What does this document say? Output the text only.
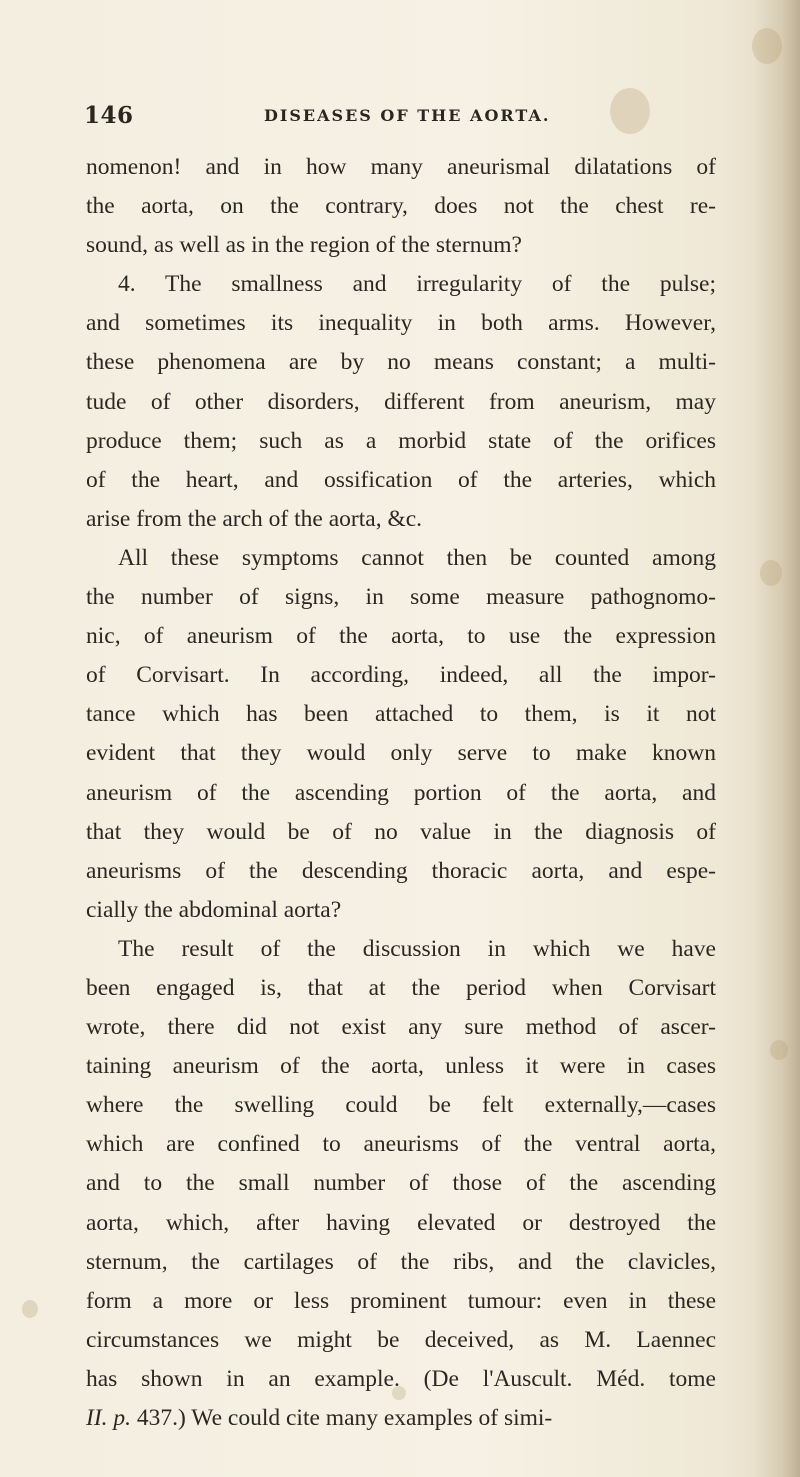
146	DISEASES OF THE AORTA.
nomenon! and in how many aneurismal dilatations of
the aorta, on the contrary, does not the chest re-
sound, as well as in the region of the sternum?
4. The smallness and irregularity of the pulse;
and sometimes its inequality in both arms. However,
these phenomena are by no means constant; a multi-
tude of other disorders, different from aneurism, may
produce them; such as a morbid state of the orifices
of the heart, and ossification of the arteries, which
arise from the arch of the aorta, &c.
All these symptoms cannot then be counted among
the number of signs, in some measure pathognomo-
nic, of aneurism of the aorta, to use the expression
of Corvisart. In according, indeed, all the impor-
tance which has been attached to them, is it not
evident that they would only serve to make known
aneurism of the ascending portion of the aorta, and
that they would be of no value in the diagnosis of
aneurisms of the descending thoracic aorta, and espe-
cially the abdominal aorta?
The result of the discussion in which we have
been engaged is, that at the period when Corvisart
wrote, there did not exist any sure method of ascer-
taining aneurism of the aorta, unless it were in cases
where the swelling could be felt externally,—cases
which are confined to aneurisms of the ventral aorta,
and to the small number of those of the ascending
aorta, which, after having elevated or destroyed the
sternum, the cartilages of the ribs, and the clavicles,
form a more or less prominent tumour: even in these
circumstances we might be deceived, as M. Laennec
has shown in an example. (De l'Auscult. Méd. tome
II. p. 437.) We could cite many examples of simi-
